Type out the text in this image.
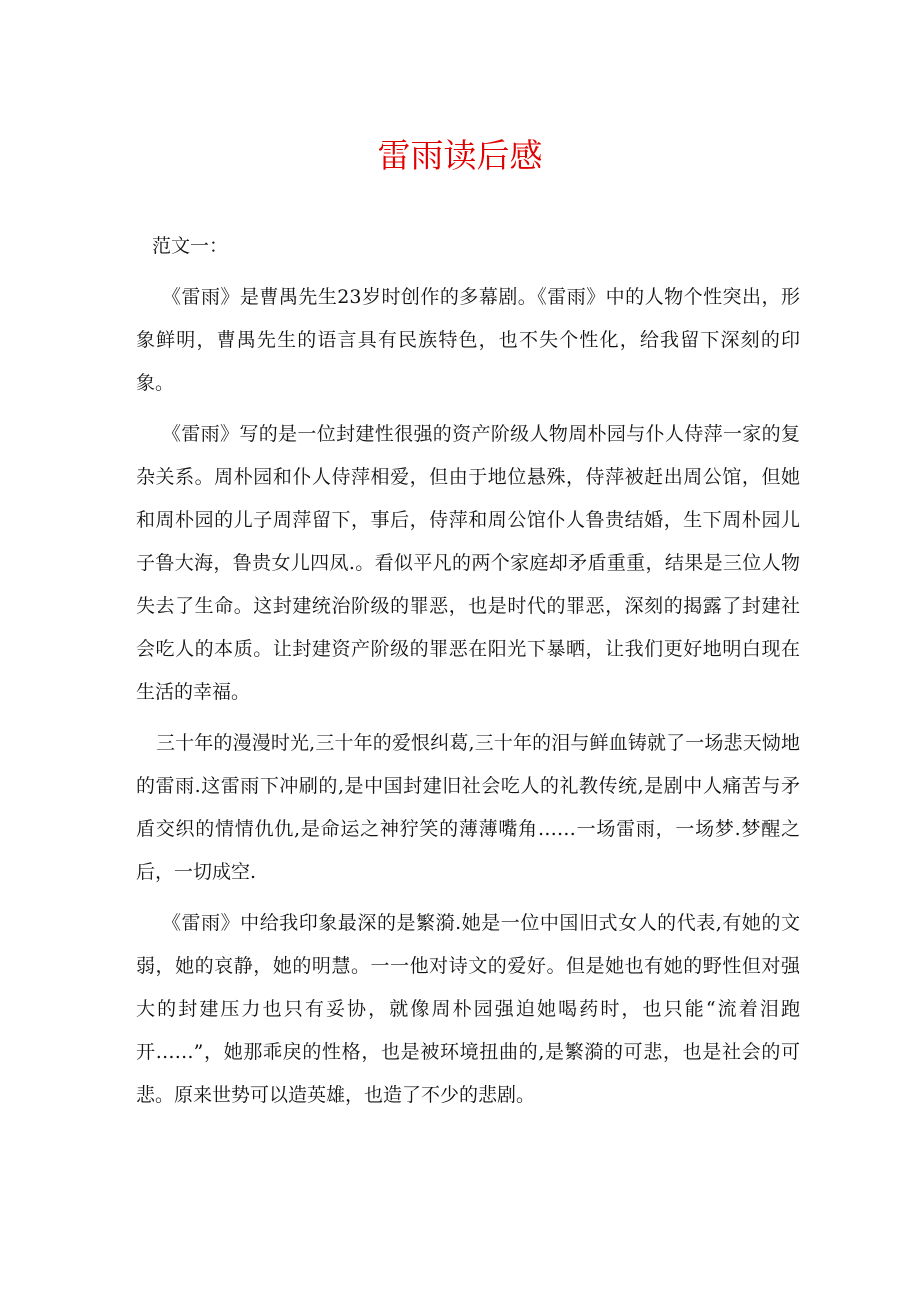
雷雨读后感

范文一：

《雷雨》是曹禺先生23岁时创作的多幕剧。《雷雨》中的人物个性突出，形象鲜明，曹禺先生的语言具有民族特色，也不失个性化，给我留下深刻的印象。

《雷雨》写的是一位封建性很强的资产阶级人物周朴园与仆人侍萍一家的复杂关系。周朴园和仆人侍萍相爱，但由于地位悬殊，侍萍被赶出周公馆，但她和周朴园的儿子周萍留下，事后，侍萍和周公馆仆人鲁贵结婚，生下周朴园儿子鲁大海，鲁贵女儿四凤.。看似平凡的两个家庭却矛盾重重，结果是三位人物失去了生命。这封建统治阶级的罪恶，也是时代的罪恶，深刻的揭露了封建社会吃人的本质。让封建资产阶级的罪恶在阳光下暴晒，让我们更好地明白现在生活的幸福。

三十年的漫漫时光,三十年的爱恨纠葛,三十年的泪与鲜血铸就了一场悲天恸地的雷雨.这雷雨下冲刷的,是中国封建旧社会吃人的礼教传统,是剧中人痛苦与矛盾交织的情情仇仇,是命运之神狞笑的薄薄嘴角……一场雷雨，一场梦.梦醒之后，一切成空.

《雷雨》中给我印象最深的是繁漪.她是一位中国旧式女人的代表,有她的文弱，她的哀静，她的明慧。一一他对诗文的爱好。但是她也有她的野性但对强大的封建压力也只有妥协，就像周朴园强迫她喝药时，也只能“流着泪跑开……”，她那乖戾的性格，也是被环境扭曲的,是繁漪的可悲，也是社会的可悲。原来世势可以造英雄，也造了不少的悲剧。
